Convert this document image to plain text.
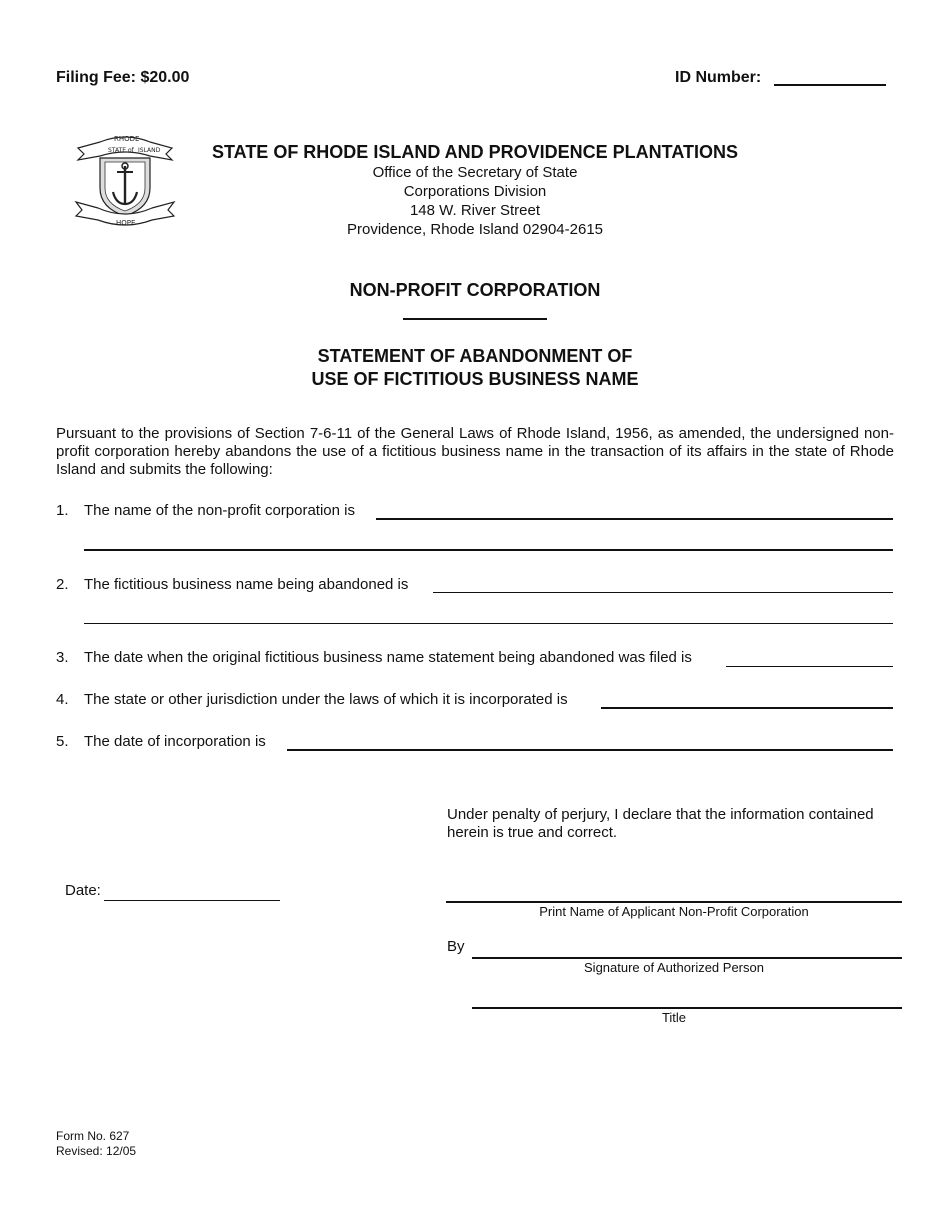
Filing Fee: $20.00	ID Number:
STATE of
RHODE
ISLAND
HOPE
STATE OF RHODE ISLAND AND PROVIDENCE PLANTATIONS
Office of the Secretary of State
Corporations Division
148 W. River Street
Providence, Rhode Island 02904-2615
NON-PROFIT CORPORATION
STATEMENT OF ABANDONMENT OF
USE OF FICTITIOUS BUSINESS NAME
Pursuant to the provisions of Section 7-6-11 of the General Laws of Rhode Island, 1956, as amended, the undersigned non-profit corporation hereby abandons the use of a fictitious business name in the transaction of its affairs in the state of Rhode Island and submits the following:
1. The name of the non-profit corporation is
2. The fictitious business name being abandoned is
3. The date when the original fictitious business name statement being abandoned was filed is
4. The state or other jurisdiction under the laws of which it is incorporated is
5. The date of incorporation is
Under penalty of perjury, I declare that the information contained herein is true and correct.
Date:
Print Name of Applicant Non-Profit Corporation
By
Signature of Authorized Person
Title
Form No. 627
Revised: 12/05
